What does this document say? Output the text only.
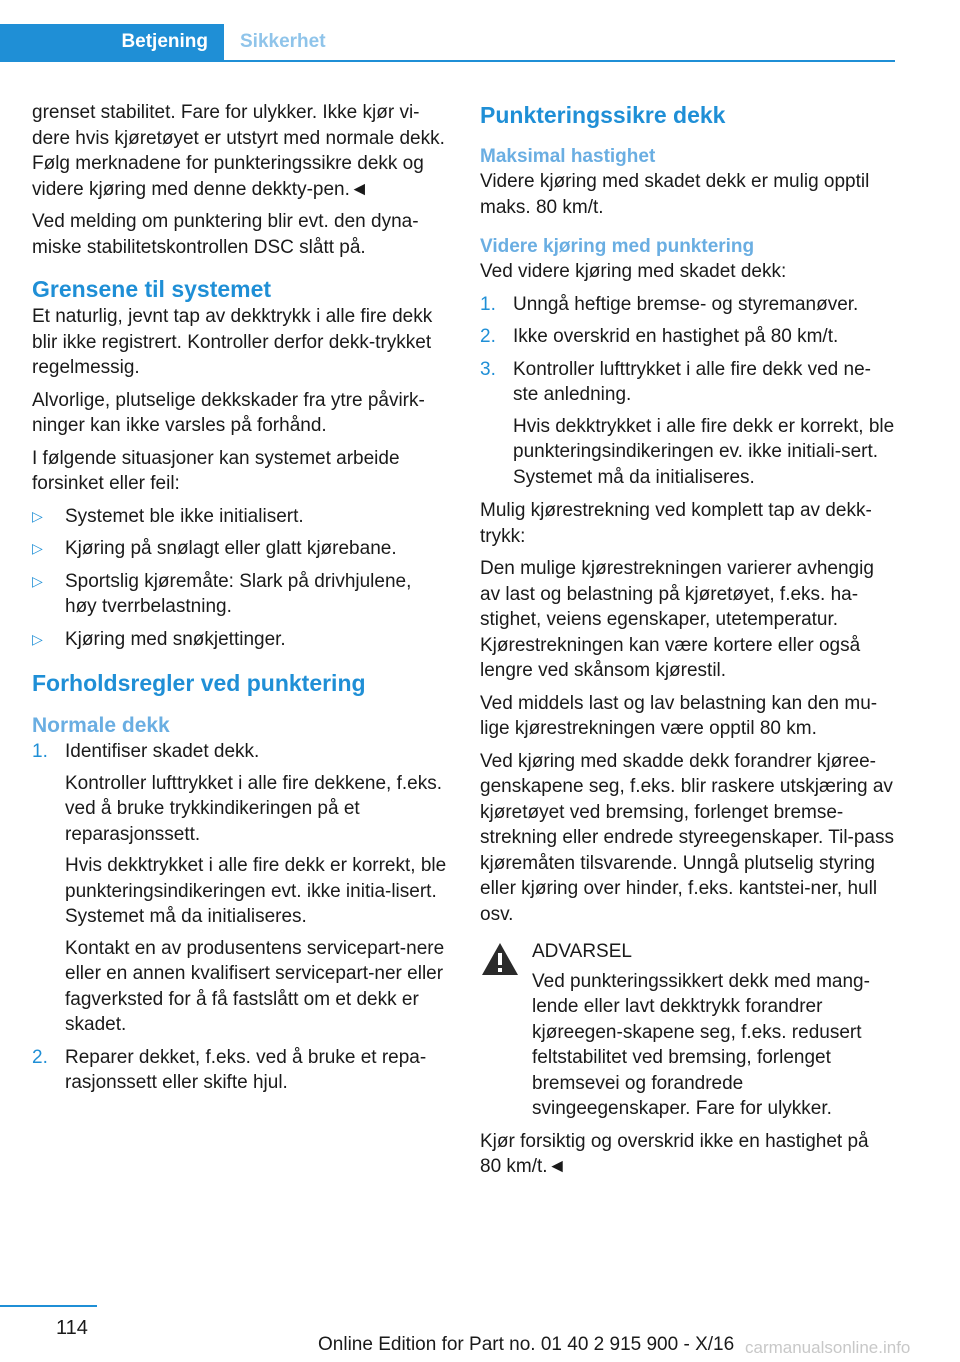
Betjening Sikkerhet

grenset stabilitet. Fare for ulykker. Ikke kjør vi-dere hvis kjøretøyet er utstyrt med normale dekk. Følg merknadene for punkteringssikre dekk og videre kjøring med denne dekkty-pen.◄

Ved melding om punktering blir evt. den dyna-miske stabilitetskontrollen DSC slått på.

Grensene til systemet

Et naturlig, jevnt tap av dekktrykk i alle fire dekk blir ikke registrert. Kontroller derfor dekk-trykket regelmessig.

Alvorlige, plutselige dekkskader fra ytre påvirk-ninger kan ikke varsles på forhånd.

I følgende situasjoner kan systemet arbeide forsinket eller feil:

▷ Systemet ble ikke initialisert.
▷ Kjøring på snølagt eller glatt kjørebane.
▷ Sportslig kjøremåte: Slark på drivhjulene, høy tverrbelastning.
▷ Kjøring med snøkjettinger.
Forholdsregler ved punktering
Normale dekk
1. Identifiser skadet dekk.

Kontroller lufttrykket i alle fire dekkene, f.eks. ved å bruke trykkindikeringen på et reparasjonssett.

Hvis dekktrykket i alle fire dekk er korrekt, ble punkteringsindikeringen evt. ikke initia-lisert. Systemet må da initialiseres.

Kontakt en av produsentens servicepart-nere eller en annen kvalifisert servicepart-ner eller fagverksted for å få fastslått om et dekk er skadet.

2. Reparer dekket, f.eks. ved å bruke et repa-rasjonssett eller skifte hjul.

Punkteringssikre dekk
Maksimal hastighet

Videre kjøring med skadet dekk er mulig opptil maks. 80 km/t.

Videre kjøring med punktering

Ved videre kjøring med skadet dekk:

1. Unngå heftige bremse- og styremanøver.

2. Ikke overskrid en hastighet på 80 km/t.

3. Kontroller lufttrykket i alle fire dekk ved ne-ste anledning.

Hvis dekktrykket i alle fire dekk er korrekt, ble punkteringsindikeringen ev. ikke initiali-sert. Systemet må da initialiseres.

Mulig kjørestrekning ved komplett tap av dekk-trykk:

Den mulige kjørestrekningen varierer avhengig av last og belastning på kjøretøyet, f.eks. ha-stighet, veiens egenskaper, utetemperatur. Kjørestrekningen kan være kortere eller også lengre ved skånsom kjørestil.

Ved middels last og lav belastning kan den mu-lige kjørestrekningen være opptil 80 km.

Ved kjøring med skadde dekk forandrer kjøree-genskapene seg, f.eks. blir raskere utskjæring av kjøretøyet ved bremsing, forlenget bremse-strekning eller endrede styreegenskaper. Til-pass kjøremåten tilsvarende. Unngå plutselig styring eller kjøring over hinder, f.eks. kantstei-ner, hull osv.

ADVARSEL

Ved punkteringssikkert dekk med mang-lende eller lavt dekktrykk forandrer kjøreegen-skapene seg, f.eks. redusert feltstabilitet ved bremsing, forlenget bremsevei og forandrede svingeegenskaper. Fare for ulykker.

Kjør forsiktig og overskrid ikke en hastighet på 80 km/t.◄

114
Online Edition for Part no. 01 40 2 915 900 - X/16 carmanualsonline.info
